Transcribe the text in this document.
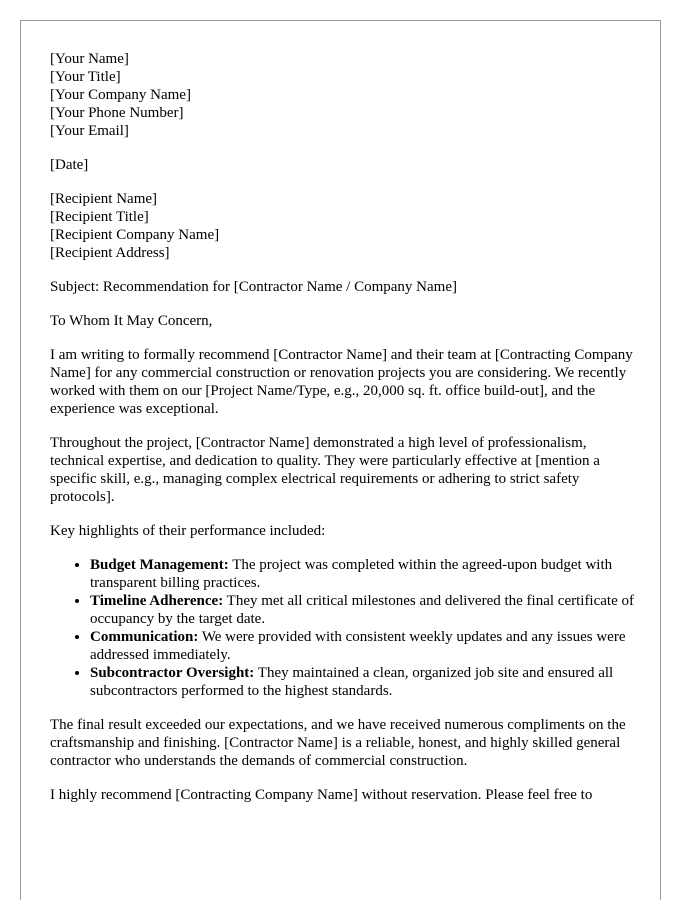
[Your Name]
[Your Title]
[Your Company Name]
[Your Phone Number]
[Your Email]
[Date]
[Recipient Name]
[Recipient Title]
[Recipient Company Name]
[Recipient Address]

Subject: Recommendation for [Contractor Name / Company Name]

To Whom It May Concern,

I am writing to formally recommend [Contractor Name] and their team at [Contracting Company Name] for any commercial construction or renovation projects you are considering. We recently worked with them on our [Project Name/Type, e.g., 20,000 sq. ft. office build-out], and the experience was exceptional.

Throughout the project, [Contractor Name] demonstrated a high level of professionalism, technical expertise, and dedication to quality. They were particularly effective at [mention a specific skill, e.g., managing complex electrical requirements or adhering to strict safety protocols].

Key highlights of their performance included:

• Budget Management: The project was completed within the agreed-upon budget with transparent billing practices.
• Timeline Adherence: They met all critical milestones and delivered the final certificate of occupancy by the target date.
• Communication: We were provided with consistent weekly updates and any issues were addressed immediately.
• Subcontractor Oversight: They maintained a clean, organized job site and ensured all subcontractors performed to the highest standards.

The final result exceeded our expectations, and we have received numerous compliments on the craftsmanship and finishing. [Contractor Name] is a reliable, honest, and highly skilled general contractor who understands the demands of commercial construction.

I highly recommend [Contracting Company Name] without reservation. Please feel free to
